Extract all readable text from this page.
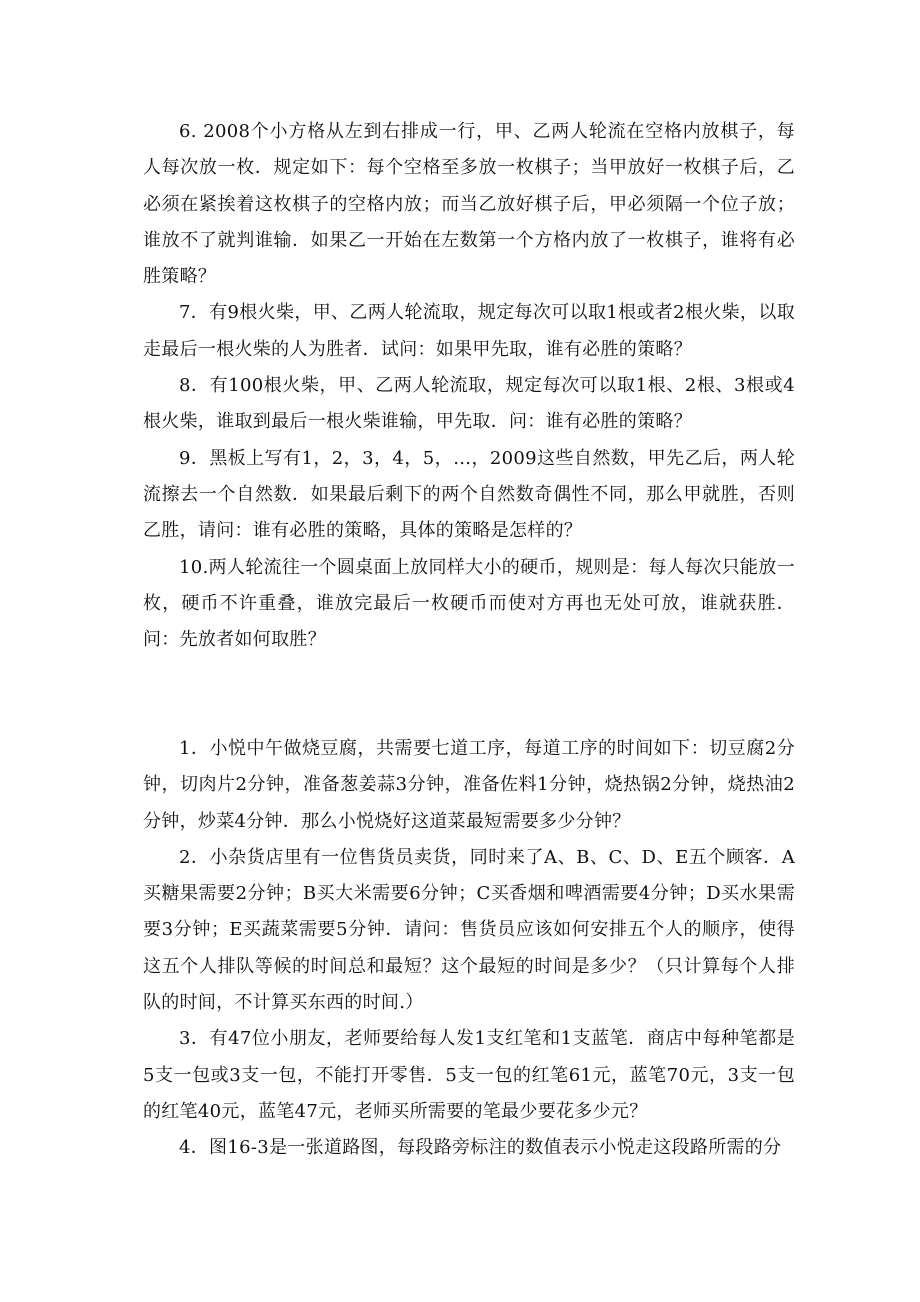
6. 2008个小方格从左到右排成一行，甲、乙两人轮流在空格内放棋子，每人每次放一枚．规定如下：每个空格至多放一枚棋子；当甲放好一枚棋子后，乙必须在紧挨着这枚棋子的空格内放；而当乙放好棋子后，甲必须隔一个位子放；谁放不了就判谁输．如果乙一开始在左数第一个方格内放了一枚棋子，谁将有必胜策略？

7．有9根火柴，甲、乙两人轮流取，规定每次可以取1根或者2根火柴，以取走最后一根火柴的人为胜者．试问：如果甲先取，谁有必胜的策略？

8．有100根火柴，甲、乙两人轮流取，规定每次可以取1根、2根、3根或4根火柴，谁取到最后一根火柴谁输，甲先取．问：谁有必胜的策略？

9．黑板上写有1，2，3，4，5，…，2009这些自然数，甲先乙后，两人轮流擦去一个自然数．如果最后剩下的两个自然数奇偶性不同，那么甲就胜，否则乙胜，请问：谁有必胜的策略，具体的策略是怎样的？

10.两人轮流往一个圆桌面上放同样大小的硬币，规则是：每人每次只能放一枚，硬币不许重叠，谁放完最后一枚硬币而使对方再也无处可放，谁就获胜．问：先放者如何取胜？

1．小悦中午做烧豆腐，共需要七道工序，每道工序的时间如下：切豆腐2分钟，切肉片2分钟，准备葱姜蒜3分钟，准备佐料1分钟，烧热锅2分钟，烧热油2分钟，炒菜4分钟．那么小悦烧好这道菜最短需要多少分钟？

2．小杂货店里有一位售货员卖货，同时来了A、B、C、D、E五个顾客．A买糖果需要2分钟；B买大米需要6分钟；C买香烟和啤酒需要4分钟；D买水果需要3分钟；E买蔬菜需要5分钟．请问：售货员应该如何安排五个人的顺序，使得这五个人排队等候的时间总和最短？这个最短的时间是多少？（只计算每个人排队的时间，不计算买东西的时间.）

3．有47位小朋友，老师要给每人发1支红笔和1支蓝笔．商店中每种笔都是5支一包或3支一包，不能打开零售．5支一包的红笔61元，蓝笔70元，3支一包的红笔40元，蓝笔47元，老师买所需要的笔最少要花多少元？

4．图16-3是一张道路图，每段路旁标注的数值表示小悦走这段路所需的分
